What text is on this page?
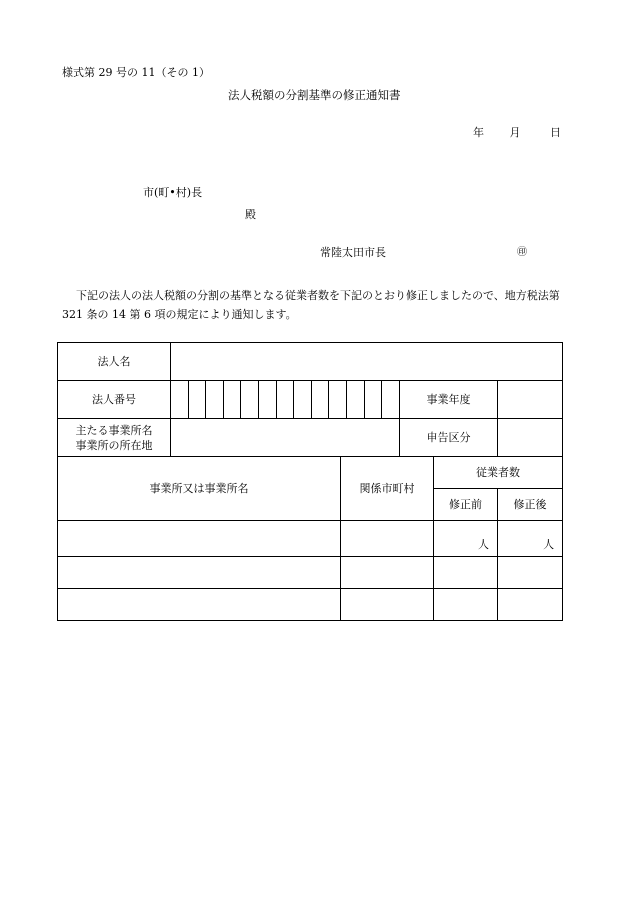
様式第 29 号の 11（その 1）
法人税額の分割基準の修正通知書
年 月	日
市(町•村)長
殿
常陸太田市長	㊞
下記の法人の法人税額の分割の基準となる従業者数を下記のとおり修正しましたので、地方税法第 321 条の 14 第 6 項の規定により通知します。
法人名					
法人番号			事業年度		

主たる事業所名
事業所の所在地			申告区分		
事業所又は事業所名		関係市町村		従業者数	
				修正前	修正後
				人	人
